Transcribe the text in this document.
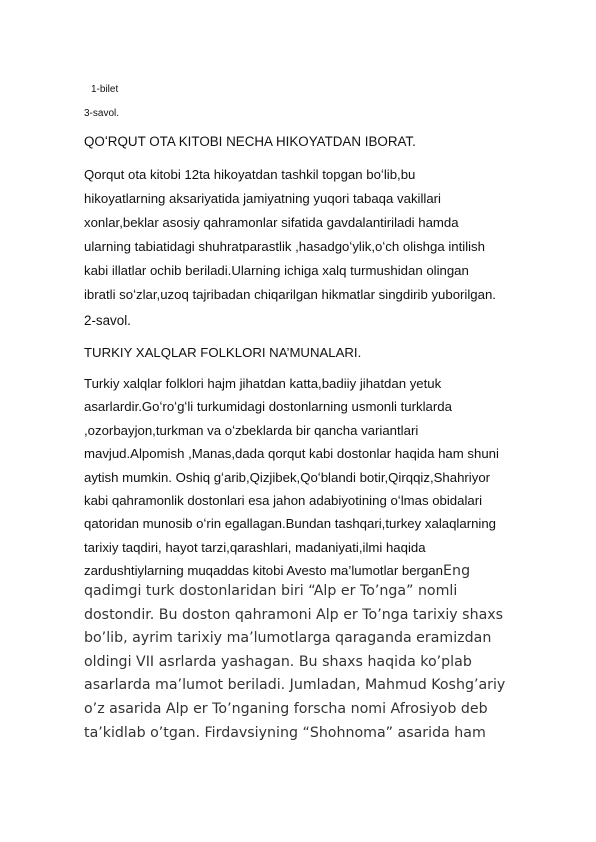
1-bilet
3-savol.
QOʻRQUT OTA KITOBI NECHA HIKOYATDAN IBORAT.
Qorqut ota kitobi 12ta hikoyatdan tashkil topgan boʻlib,bu
hikoyatlarning aksariyatida jamiyatning yuqori tabaqa vakillari
xonlar,beklar asosiy qahramonlar sifatida gavdalantiriladi hamda
ularning tabiatidagi shuhratparastlik ,hasadgoʻylik,oʻch olishga intilish
kabi illatlar ochib beriladi.Ularning ichiga xalq turmushidan olingan
ibratli soʻzlar,uzoq tajribadan chiqarilgan hikmatlar singdirib yuborilgan.
2-savol.
TURKIY XALQLAR FOLKLORI NA’MUNALARI.
Turkiy xalqlar folklori hajm jihatdan katta,badiiy jihatdan yetuk
asarlardir.Goʻroʻgʻli turkumidagi dostonlarning usmonli turklarda
,ozorbayjon,turkman va oʻzbeklarda bir qancha variantlari
mavjud.Alpomish ,Manas,dada qorqut kabi dostonlar haqida ham shuni
aytish mumkin. Oshiq gʻarib,Qizjibek,Qoʻblandi botir,Qirqqiz,Shahriyor
kabi qahramonlik dostonlari esa jahon adabiyotining oʻlmas obidalari
qatoridan munosib oʻrin egallagan.Bundan tashqari,turkey xalaqlarning
tarixiy taqdiri, hayot tarzi,qarashlari, madaniyati,ilmi haqida
zardushtiylarning muqaddas kitobi Avesto ma’lumotlar berganEng
qadimgi turk dostonlaridan biri “Alp er To’nga” nomli
dostondir. Bu doston qahramoni Alp er To’nga tarixiy shaxs
bo’lib, ayrim tarixiy ma’lumotlarga qaraganda eramizdan
oldingi VII asrlarda yashagan. Bu shaxs haqida ko’plab
asarlarda ma’lumot beriladi. Jumladan, Mahmud Koshg’ariy
o’z asarida Alp er To’nganing forscha nomi Afrosiyob deb
ta’kidlab o’tgan. Firdavsiyning “Shohnoma” asarida ham
